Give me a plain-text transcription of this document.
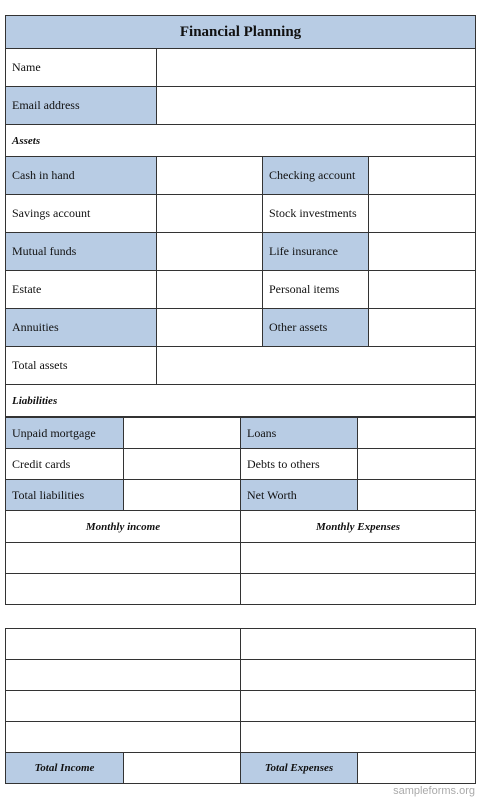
Financial Planning			
Name			
Email address			
Assets			
Cash in hand		Checking account	
Savings account		Stock investments	
Mutual funds		Life insurance	
Estate		Personal items	
Annuities		Other assets	
Total assets			
Liabilities			
Unpaid mortgage		Loans	
Credit cards		Debts to others	
Total liabilities		Net Worth	
Monthly income		Monthly Expenses	

Total Income		Total Expenses	
sampleforms.org
